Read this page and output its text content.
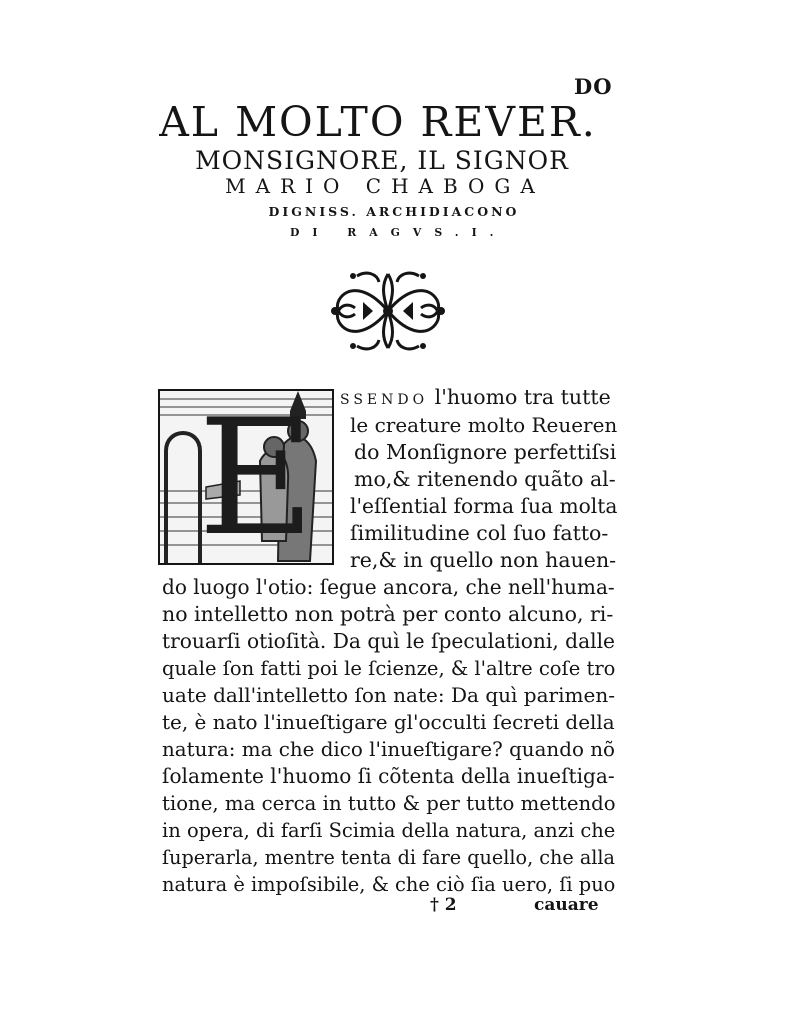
DO
AL MOLTO REVER.
MONSIGNORE, IL SIGNOR
MARIO CHABOGA
DIGNISS. ARCHIDIACONO
DI RAGVS.I.
E SSENDO l'huomo tra tutte
le creature molto Reueren
do Monſignore perfettiſsi
mo,& ritenendo quãto al-
l'eſſential forma ſua molta
ſimilitudine col ſuo fatto-
re,& in quello non hauen-
do luogo l'otio: ſegue ancora, che nell'huma-
no intelletto non potrà per conto alcuno, ri-
trouarſi otioſità. Da quì le ſpeculationi, dalle
quale ſon fatti poi le ſcienze, & l'altre coſe tro
uate dall'intelletto ſon nate: Da quì parimen-
te, è nato l'inueſtigare gl'occulti ſecreti della
natura: ma che dico l'inueſtigare? quando nõ
ſolamente l'huomo ſi cõtenta della inueſtiga-
tione, ma cerca in tutto & per tutto mettendo
in opera, di farſi Scimia della natura, anzi che
ſuperarla, mentre tenta di fare quello, che alla
natura è impoſsibile, & che ciò ſia uero, ſi puo
† 2	cauare
